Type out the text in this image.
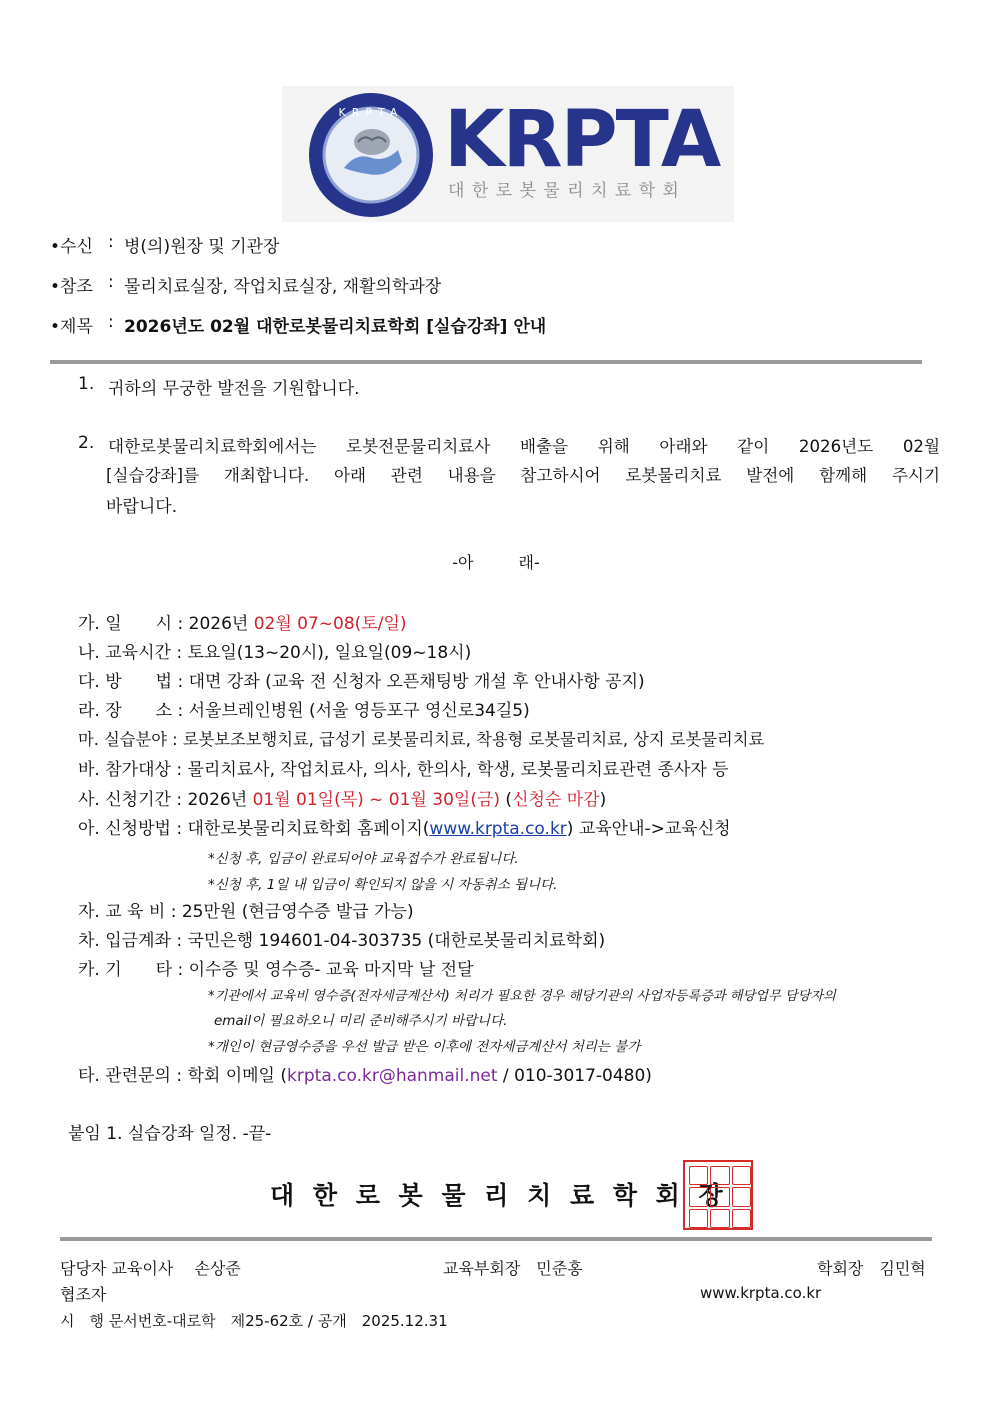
KRPTA KRPTA
대 한 로 봇 물 리 치 료 학 회
•수신 : 병(의)원장 및 기관장
•참조 : 물리치료실장, 작업치료실장, 재활의학과장
•제목 : 2026년도 02월 대한로봇물리치료학회 [실습강좌] 안내
1. 귀하의 무궁한 발전을 기원합니다.
2. 대한로봇물리치료학회에서는 로봇전문물리치료사 배출을 위해 아래와 같이 2026년도 02월
[실습강좌]를 개최합니다. 아래 관련 내용을 참고하시어 로봇물리치료 발전에 함께해 주시기
바랍니다.
-아 래-
가. 일　　시 : 2026년 02월 07~08(토/일)
나. 교육시간 : 토요일(13~20시), 일요일(09~18시)
다. 방　　법 : 대면 강좌 (교육 전 신청자 오픈채팅방 개설 후 안내사항 공지)
라. 장　　소 : 서울브레인병원 (서울 영등포구 영신로34길5)
마. 실습분야 : 로봇보조보행치료, 급성기 로봇물리치료, 착용형 로봇물리치료, 상지 로봇물리치료
바. 참가대상 : 물리치료사, 작업치료사, 의사, 한의사, 학생, 로봇물리치료관련 종사자 등
사. 신청기간 : 2026년 01월 01일(목) ~ 01월 30일(금) (신청순 마감)
아. 신청방법 : 대한로봇물리치료학회 홈페이지(www.krpta.co.kr) 교육안내->교육신청
*신청 후, 입금이 완료되어야 교육접수가 완료됩니다.
*신청 후, 1일 내 입금이 확인되지 않을 시 자동취소 됩니다.
자. 교 육 비 : 25만원 (현금영수증 발급 가능)
차. 입금계좌 : 국민은행 194601-04-303735 (대한로봇물리치료학회)
카. 기　　타 : 이수증 및 영수증- 교육 마지막 날 전달
*기관에서 교육비 영수증(전자세금계산서) 처리가 필요한 경우 해당기관의 사업자등록증과 해당업무 담당자의
email이 필요하오니 미리 준비해주시기 바랍니다.
*개인이 현금영수증을 우선 발급 받은 이후에 전자세금계산서 처리는 불가
타. 관련문의 : 학회 이메일 (krpta.co.kr@hanmail.net / 010-3017-0480)
붙임 1. 실습강좌 일정. -끝-
대 한 로 봇 물 리 치 료 학 회 장
담당자 교육이사　 손상준	교육부회장　민준홍	학회장　김민혁
협조자	www.krpta.co.kr
시　행 문서번호-대로학　제25-62호 / 공개　2025.12.31
